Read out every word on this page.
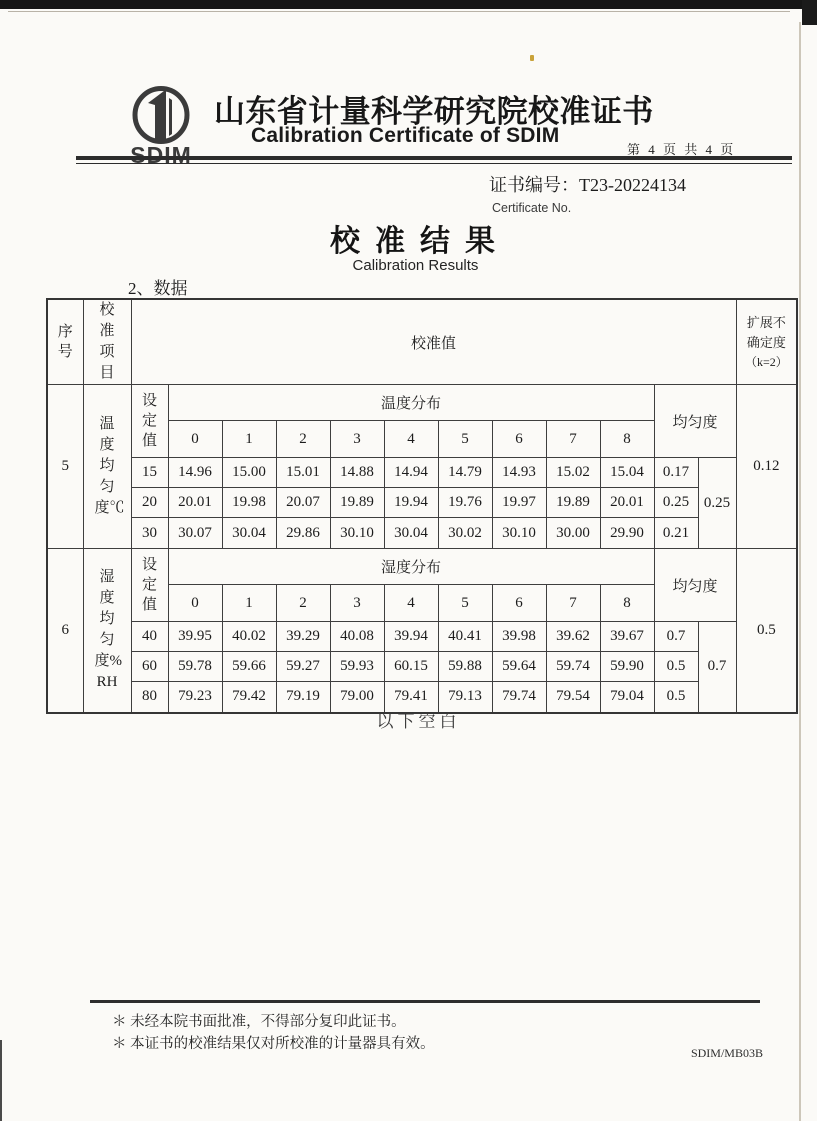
SDIM
山东省计量科学研究院校准证书
Calibration Certificate of SDIM
第 4 页 共 4 页
证书编号：T23-20224134
Certificate No.
校准结果
Calibration Results
2、数据
序号	校准项目	校准值												扩展不确定度
（k=2）

5	温度均匀度℃	设定值	温度分布									均匀度		0.12
			0	1	2	3	4	5	6	7	8			
		15	14.96	15.00	15.01	14.88	14.94	14.79	14.93	15.02	15.04	0.17	0.25	
		20	20.01	19.98	20.07	19.89	19.94	19.76	19.97	19.89	20.01	0.25		
		30	30.07	30.04	29.86	30.10	30.04	30.02	30.10	30.00	29.90	0.21		
6	湿度均匀度%RH	设定值	湿度分布									均匀度		0.5
			0	1	2	3	4	5	6	7	8			
		40	39.95	40.02	39.29	40.08	39.94	40.41	39.98	39.62	39.67	0.7	0.7	
		60	59.78	59.66	59.27	59.93	60.15	59.88	59.64	59.74	59.90	0.5		
		80	79.23	79.42	79.19	79.00	79.41	79.13	79.74	79.54	79.04	0.5		
以下空白
＊ 未经本院书面批准，不得部分复印此证书。
＊ 本证书的校准结果仅对所校准的计量器具有效。
SDIM/MB03B
